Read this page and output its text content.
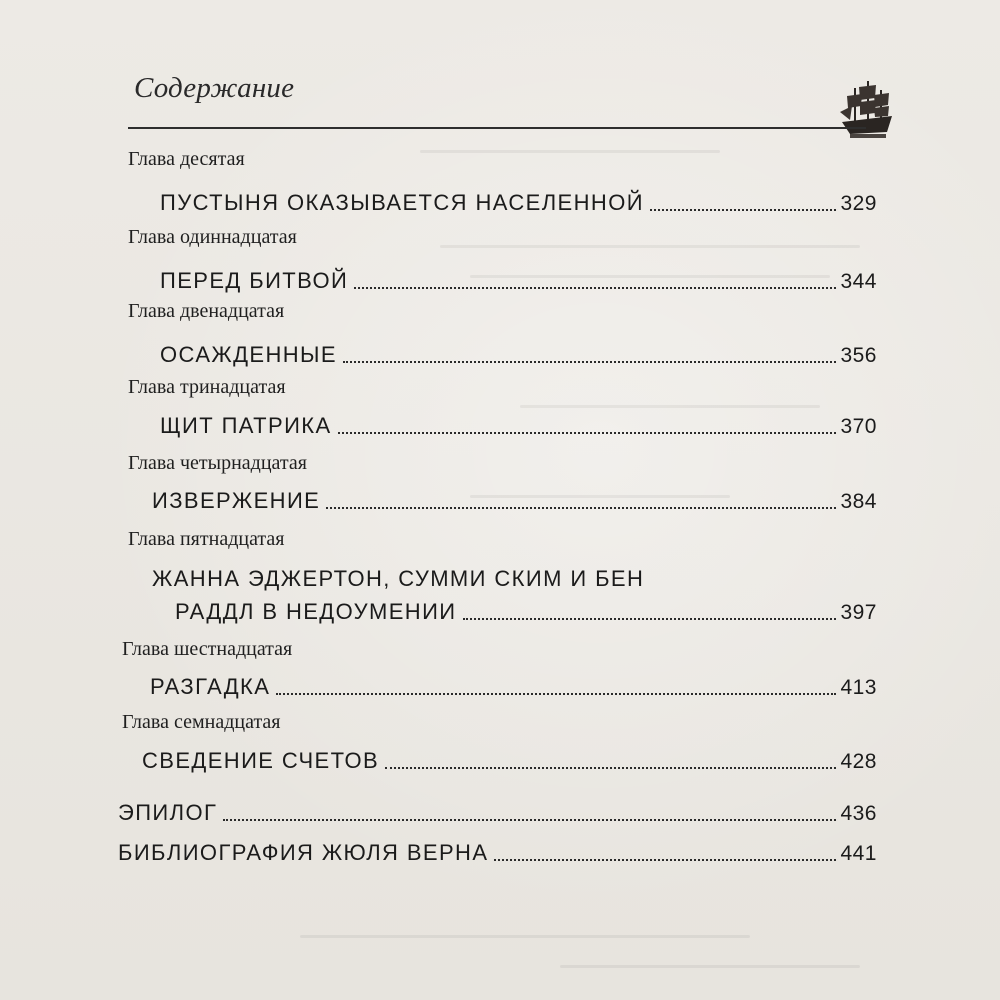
Содержание
Глава десятая
ПУСТЫНЯ ОКАЗЫВАЕТСЯ НАСЕЛЕННОЙ	329
Глава одиннадцатая
ПЕРЕД БИТВОЙ	344
Глава двенадцатая
ОСАЖДЕННЫЕ	356
Глава тринадцатая
ЩИТ ПАТРИКА	370
Глава четырнадцатая
ИЗВЕРЖЕНИЕ	384
Глава пятнадцатая
ЖАННА ЭДЖЕРТОН, СУММИ СКИМ И БЕН
РАДДЛ В НЕДОУМЕНИИ	397
Глава шестнадцатая
РАЗГАДКА	413
Глава семнадцатая
СВЕДЕНИЕ СЧЕТОВ	428
ЭПИЛОГ	436
БИБЛИОГРАФИЯ ЖЮЛЯ ВЕРНА	441
